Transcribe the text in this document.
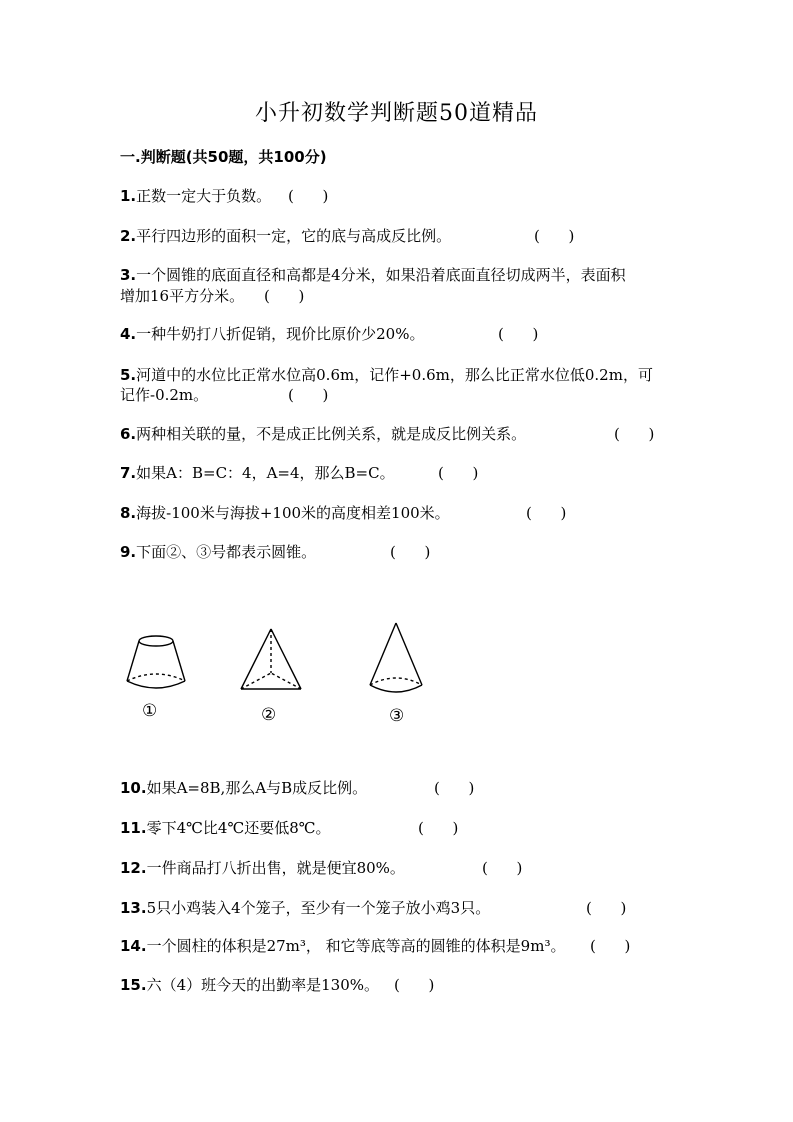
小升初数学判断题50道精品
一.判断题(共50题，共100分)
1.正数一定大于负数。 (      )
2.平行四边形的面积一定，它的底与高成反比例。	(      )
3.一个圆锥的底面直径和高都是4分米，如果沿着底面直径切成两半，表面积
增加16平方分米。 (      )
4.一种牛奶打八折促销，现价比原价少20%。	(      )
5.河道中的水位比正常水位高0.6m，记作+0.6m，那么比正常水位低0.2m，可
记作-0.2m。	(      )
6.两种相关联的量，不是成正比例关系，就是成反比例关系。	(      )
7.如果A：B=C：4，A=4，那么B=C。	(      )
8.海拔-100米与海拔+100米的高度相差100米。	(      )
9.下面②、③号都表示圆锥。	(      )
①	②	③
10.如果A=8B,那么A与B成反比例。	(      )
11.零下4℃比4℃还要低8℃。	(      )
12.一件商品打八折出售，就是便宜80%。	(      )
13.5只小鸡装入4个笼子，至少有一个笼子放小鸡3只。	(      )
14.一个圆柱的体积是27m³， 和它等底等高的圆锥的体积是9m³。 (      )
15.六（4）班今天的出勤率是130%。 (      )
